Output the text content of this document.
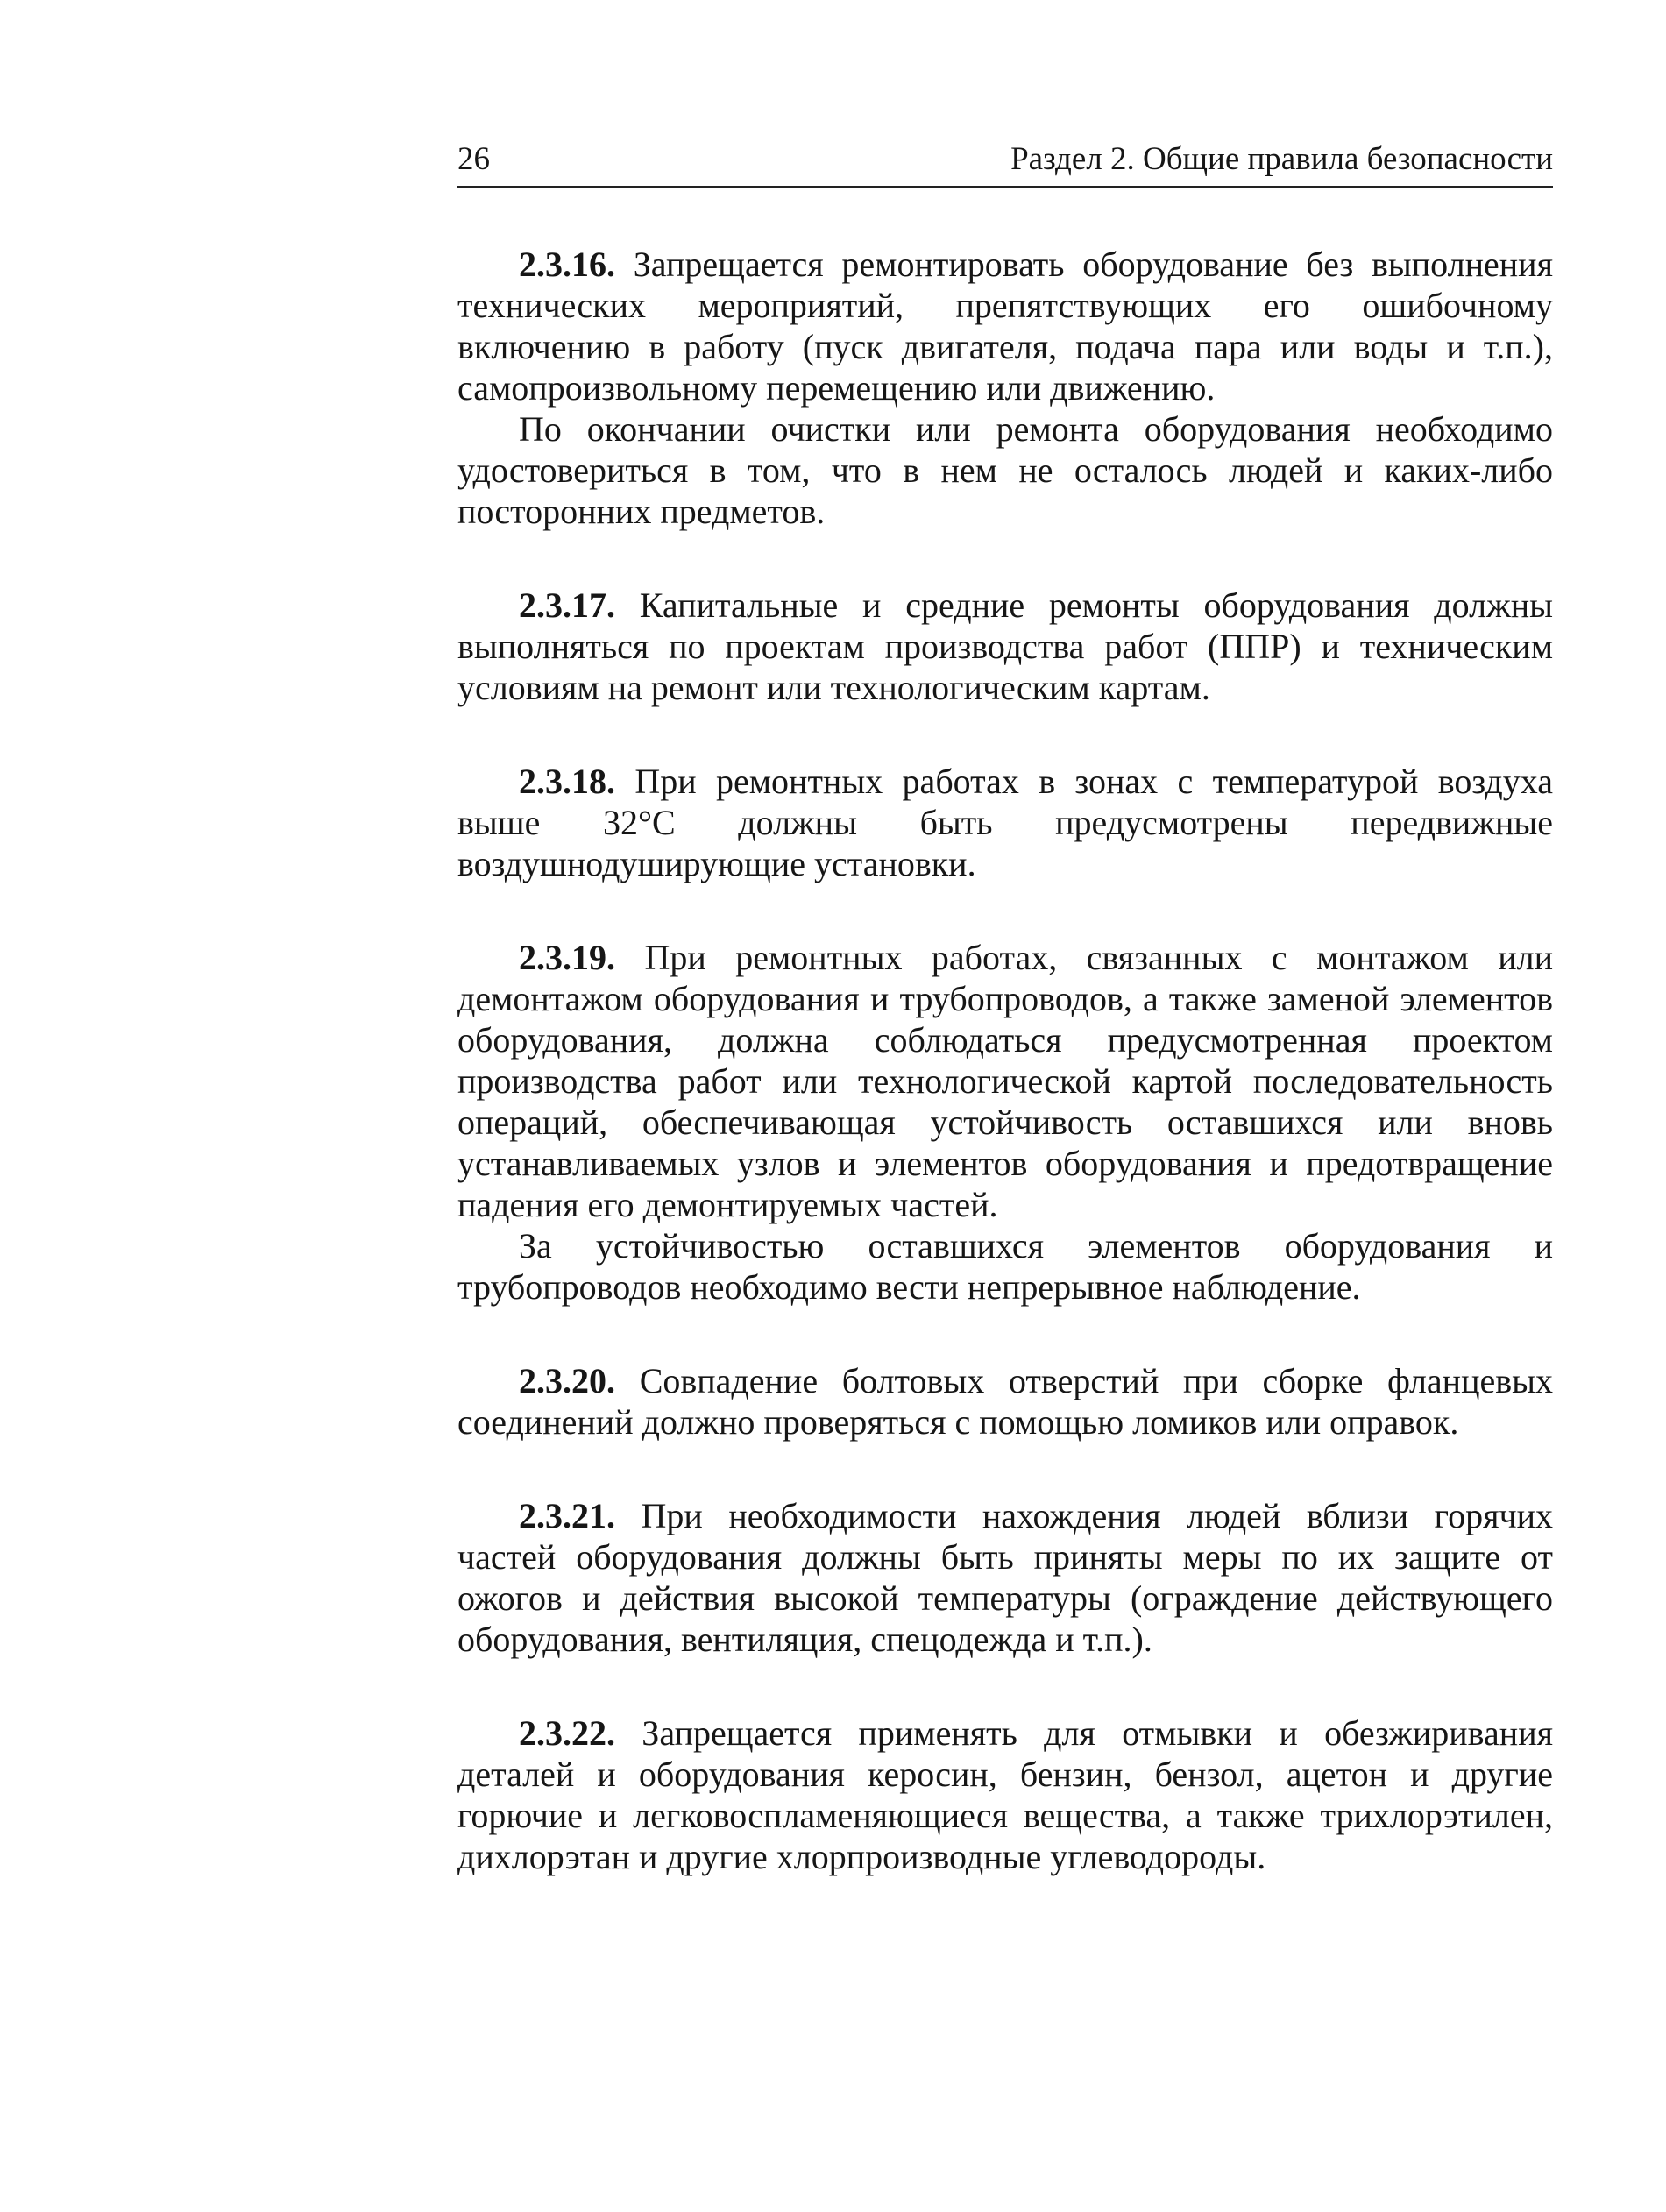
26	Раздел 2. Общие правила безопасности

2.3.16. Запрещается ремонтировать оборудование без выполнения технических мероприятий, препятствующих его ошибочному включению в работу (пуск двигателя, подача пара или воды и т.п.), самопроизвольному перемещению или движению.

По окончании очистки или ремонта оборудования необходимо удостовериться в том, что в нем не осталось людей и каких-либо посторонних предметов.

2.3.17. Капитальные и средние ремонты оборудования должны выполняться по проектам производства работ (ППР) и техническим условиям на ремонт или технологическим картам.

2.3.18. При ремонтных работах в зонах с температурой воздуха выше 32°С должны быть предусмотрены передвижные воздушнодуширующие установки.

2.3.19. При ремонтных работах, связанных с монтажом или демонтажом оборудования и трубопроводов, а также заменой элементов оборудования, должна соблюдаться предусмотренная проектом производства работ или технологической картой последовательность операций, обеспечивающая устойчивость оставшихся или вновь устанавливаемых узлов и элементов оборудования и предотвращение падения его демонтируемых частей.

За устойчивостью оставшихся элементов оборудования и трубопроводов необходимо вести непрерывное наблюдение.

2.3.20. Совпадение болтовых отверстий при сборке фланцевых соединений должно проверяться с помощью ломиков или оправок.

2.3.21. При необходимости нахождения людей вблизи горячих частей оборудования должны быть приняты меры по их защите от ожогов и действия высокой температуры (ограждение действующего оборудования, вентиляция, спецодежда и т.п.).

2.3.22. Запрещается применять для отмывки и обезжиривания деталей и оборудования керосин, бензин, бензол, ацетон и другие горючие и легковоспламеняющиеся вещества, а также трихлорэтилен, дихлорэтан и другие хлорпроизводные углеводороды.
